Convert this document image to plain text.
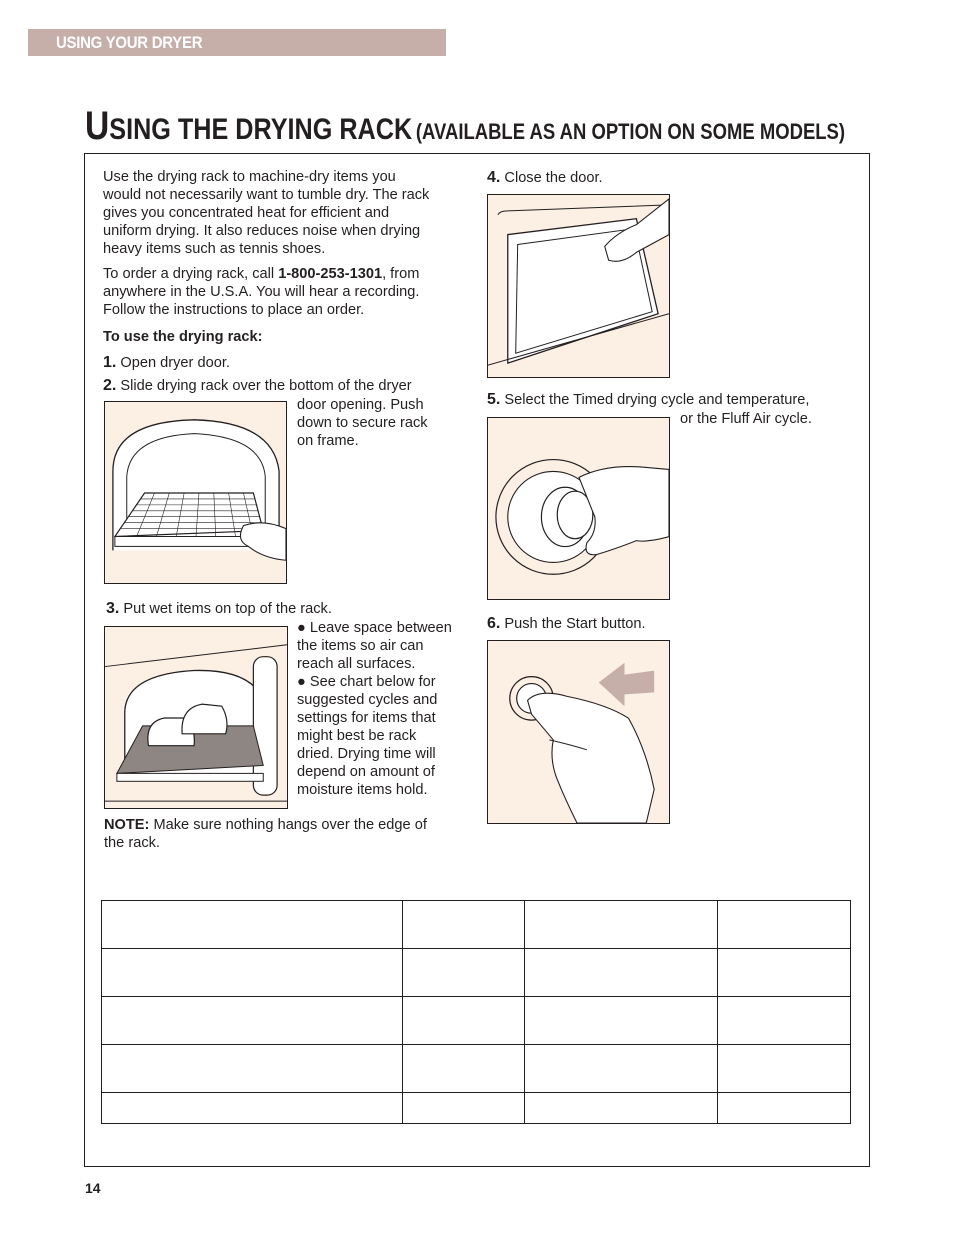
USING YOUR DRYER
USING THE DRYING RACK (AVAILABLE AS AN OPTION ON SOME MODELS)
Use the drying rack to machine-dry items you
would not necessarily want to tumble dry. The rack
gives you concentrated heat for efficient and
uniform drying. It also reduces noise when drying
heavy items such as tennis shoes.
To order a drying rack, call 1-800-253-1301, from
anywhere in the U.S.A. You will hear a recording.
Follow the instructions to place an order.
To use the drying rack:
1. Open dryer door.
2. Slide drying rack over the bottom of the dryer
door opening. Push
down to secure rack
on frame.
3. Put wet items on top of the rack.
● Leave space between
the items so air can
reach all surfaces.
● See chart below for
suggested cycles and
settings for items that
might best be rack
dried. Drying time will
depend on amount of
moisture items hold.
NOTE: Make sure nothing hangs over the edge of
the rack.
4. Close the door.
5. Select the Timed drying cycle and temperature,
or the Fluff Air cycle.
6. Push the Start button.

14
